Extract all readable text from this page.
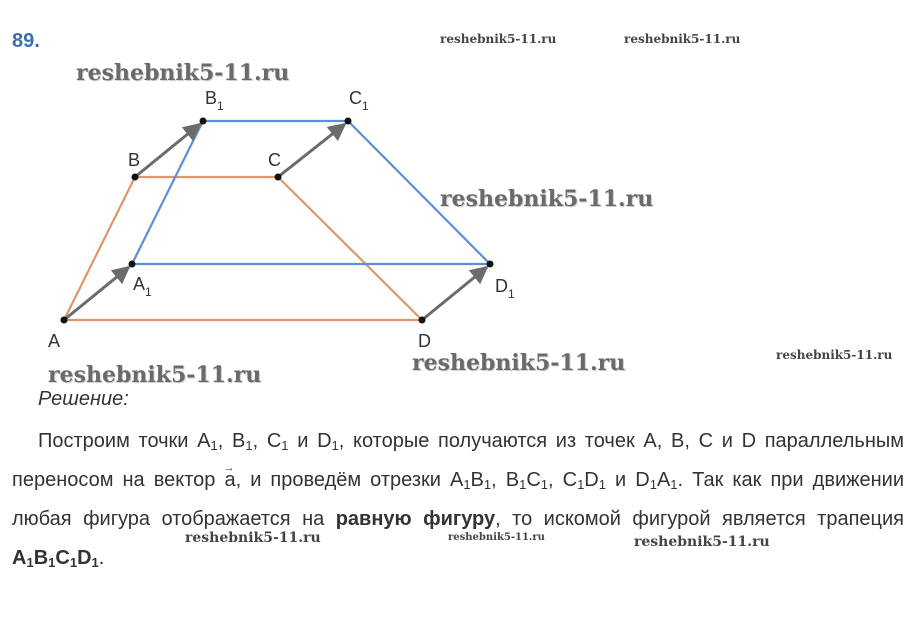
89.	reshebnik5-11.ru	reshebnik5-11.ru
reshebnik5-11.ru
A
B	C
D
$A_1$
$B_1$	$C_1$
$D_1$
reshebnik5-11.ru
reshebnik5-11.ru
reshebnik5-11.ru
reshebnik5-11.ru
Решение:
Построим точки $A_1$, $B_1$, $C_1$ и $D_1$, которые получаются из точек A, B, C и D параллельным переносом на вектор → a, и проведём отрезки $A_1B_1$, $B_1C_1$, $C_1D_1$ и $D_1A_1$. Так как при движении любая фигура отображается на равную фигуру, то искомой фигурой является трапеция $A_1B_1C_1D_1$.
reshebnik5-11.ru	reshebnik5-11.ru	reshebnik5-11.ru
